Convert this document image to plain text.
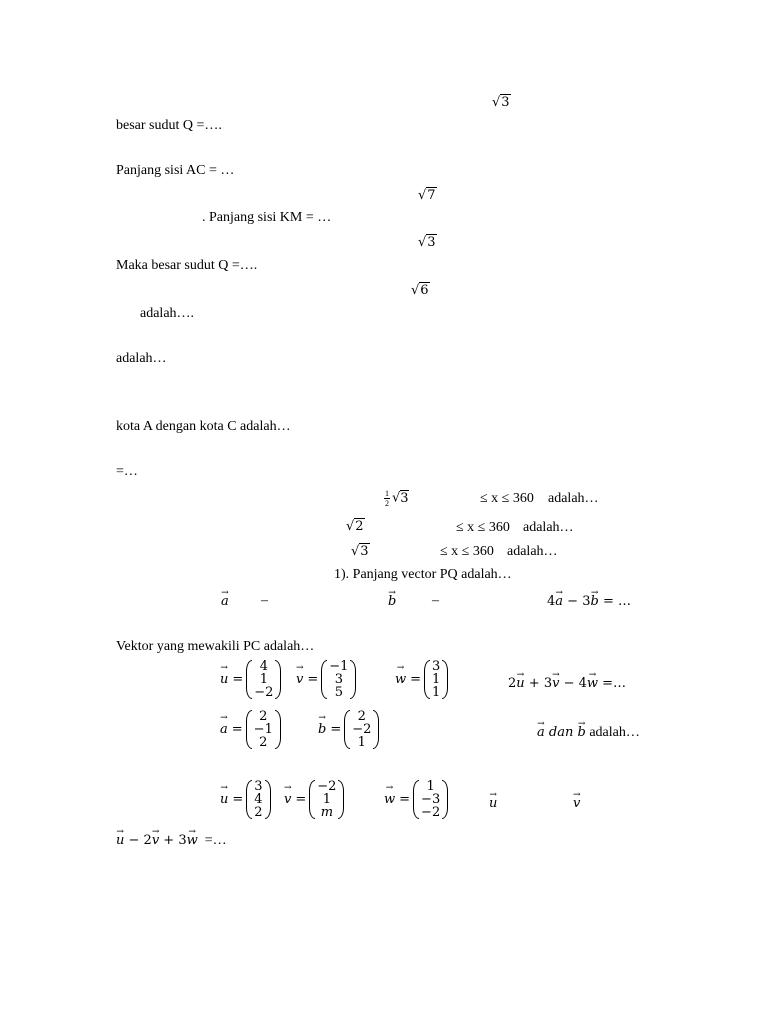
√3
besar sudut Q =….
Panjang sisi AC = …
√7
. Panjang sisi KM = …
√3
Maka besar sudut Q =….
√6
adalah….
adalah…
kota A dengan kota C adalah…
=…
$\frac{1}{2} √3$	≤ x ≤ 360 adalah…
√2	≤ x ≤ 360 adalah…
√3	≤ x ≤ 360 adalah…
1). Panjang vector PQ adalah…
→ a –	→ b	–	4→ a − 3→ b = …
Vektor yang mewakili PC adalah…
→ u =
4
1
−2
→ v =
−1
3
5
→ w =
3
1
1
2→ u + 3→ v − 4→ w =…
→ a =
2
−1
2
→ b =
2
−2
1
→ a dan → b adalah…
→ u =
3
4
2
→ v =
−2
1
m
→ w =
1
−3
−2
→ u	→ v
→ u − 2→ v + 3→ w  =…
